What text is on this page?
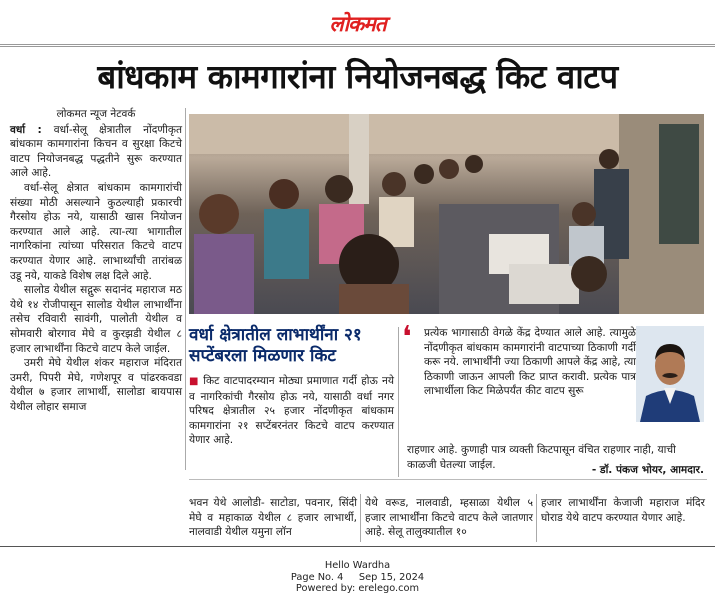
लोकमत
बांधकाम कामगारांना नियोजनबद्ध किट वाटप
लोकमत न्यूज नेटवर्क

वर्धा : वर्धा-सेलू क्षेत्रातील नोंदणीकृत बांधकाम कामगारांना किचन व सुरक्षा किटचे वाटप नियोजनबद्ध पद्धतीने सुरू करण्यात आले आहे.

वर्धा-सेलू क्षेत्रात बांधकाम कामगारांची संख्या मोठी असल्याने कुठल्याही प्रकारची गैरसोय होऊ नये, यासाठी खास नियोजन करण्यात आले आहे. त्या-त्या भागातील नागरिकांना त्यांच्या परिसरात किटचे वाटप करण्यात येणार आहे. लाभार्थ्यांची तारांबळ उडू नये, याकडे विशेष लक्ष दिले आहे.

सालोड येथील सद्गुरू सदानंद महाराज मठ येथे १४ रोजीपासून सालोड येथील लाभार्थींना तसेच रविवारी सावंगी, पालोती येथील व सोमवारी बोरगाव मेघे व कुरझडी येथील ८ हजार लाभार्थींना किटचे वाटप केले जाईल.

उमरी मेघे येथील शंकर महाराज मंदिरात उमरी, पिपरी मेघे, गणेशपूर व पांढरकवडा येथील ७ हजार लाभार्थी, सालोडा बायपास येथील लोहार समाज

वर्धा क्षेत्रातील लाभार्थींना २१ सप्टेंबरला मिळणार किट
■ किट वाटपादरम्यान मोठ्या प्रमाणात गर्दी होऊ नये व नागरिकांची गैरसोय होऊ नये, यासाठी वर्धा नगर परिषद क्षेत्रातील २५ हजार नोंदणीकृत बांधकाम कामगारांना २१ सप्टेंबरनंतर किटचे वाटप करण्यात येणार आहे.
❛ प्रत्येक भागासाठी वेगळे केंद्र देण्यात आले आहे. त्यामुळे नोंदणीकृत बांधकाम कामगारांनी वाटपाच्या ठिकाणी गर्दी करू नये. लाभार्थींनी ज्या ठिकाणी आपले केंद्र आहे, त्या ठिकाणी जाऊन आपली किट प्राप्त करावी. प्रत्येक पात्र लाभार्थीला किट मिळेपर्यंत कीट वाटप सुरू
राहणार आहे. कुणाही पात्र व्यक्ती किटपासून वंचित राहणार नाही, याची काळजी घेतल्या जाईल.	- डॉ. पंकज भोयर, आमदार.

भवन येथे आलोडी- साटोडा, पवनार, सिंदी मेघे व महाकाळ येथील ८ हजार लाभार्थी, नालवाडी येथील यमुना लॉन

येथे वरूड, नालवाडी, म्हसाळा येथील ५ हजार लाभार्थींना किटचे वाटप केले जातणार आहे. सेलू तालुक्यातील १०

हजार लाभार्थींना केजाजी महाराज मंदिर घोराड येथे वाटप करण्यात येणार आहे.

Hello Wardha
Page No. 4     Sep 15, 2024
Powered by: erelego.com
